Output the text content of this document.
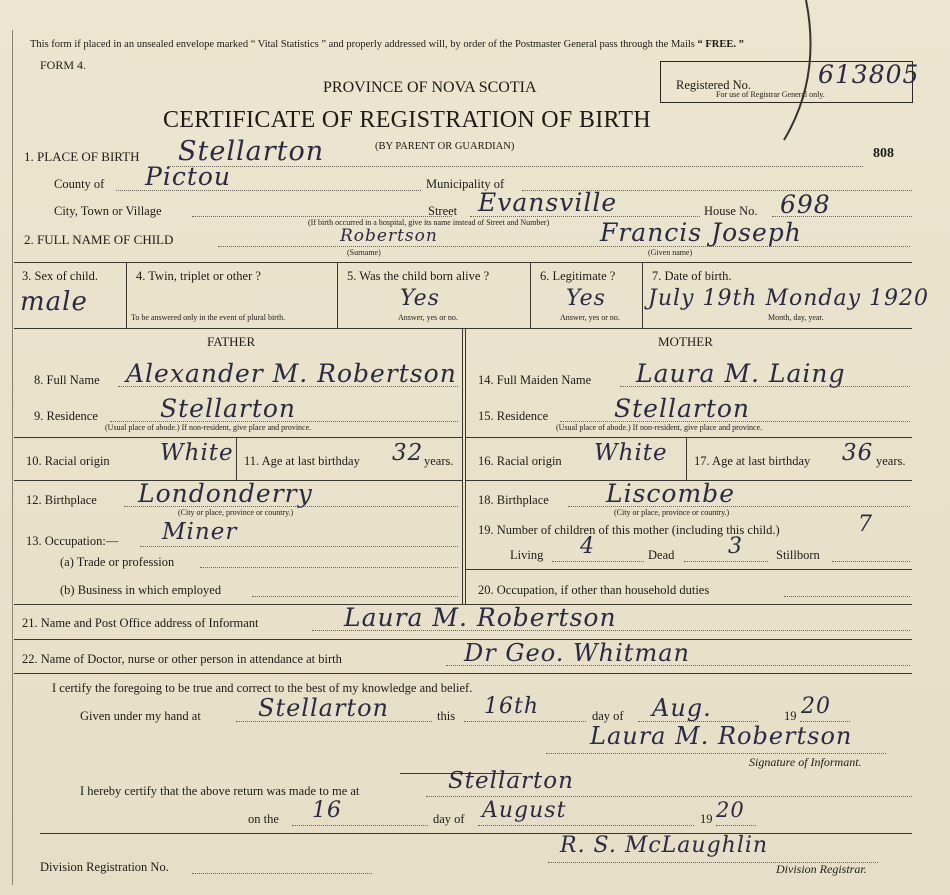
This form if placed in an unsealed envelope marked “ Vital Statistics ” and properly addressed will, by order of the Postmaster General pass through the Mails “ FREE. ”
FORM 4.
PROVINCE OF NOVA SCOTIA
CERTIFICATE OF REGISTRATION OF BIRTH
(BY PARENT OR GUARDIAN)
Registered No.
For use of Registrar General only.
613805
808
1. PLACE OF BIRTH Stellarton
County of Pictou	Municipality of
City, Town or Village	Street Evansville	House No. 698
(If birth occurred in a hospital, give its name instead of Street and Number)
2. FULL NAME OF CHILD	Robertson	Francis Joseph
(Surname)	(Given name)
3. Sex of child.
male
4. Twin, triplet or other ?
To be answered only in the event of plural birth.
5. Was the child born alive ?
Yes
Answer, yes or no.
6. Legitimate ?
Yes
Answer, yes or no.
7. Date of birth.
July 19th Monday 1920
Month, day, year.
FATHER	MOTHER
8. Full Name Alexander M. Robertson
9. Residence Stellarton
(Usual place of abode.) If non-resident, give place and province.
10. Racial origin White 11. Age at last birthday 32 years.
12. Birthplace Londonderry
(City or place, province or country.)
13. Occupation:— Miner
(a) Trade or profession
(b) Business in which employed
14. Full Maiden Name Laura M. Laing
15. Residence	Stellarton
(Usual place of abode.) If non-resident, give place and province.
16. Racial origin White 17. Age at last birthday 36 years.
18. Birthplace Liscombe
(City or place, province or country.)
19. Number of children of this mother (including this child.)	7
Living 4	Dead 3	Stillborn
20. Occupation, if other than household duties
21. Name and Post Office address of Informant	Laura M. Robertson
22. Name of Doctor, nurse or other person in attendance at birth	Dr Geo. Whitman
I certify the foregoing to be true and correct to the best of my knowledge and belief.
Given under my hand at Stellarton	this 16th	day of Aug.	19 20
Laura M. Robertson
Signature of Informant.
I hereby certify that the above return was made to me at	Stellarton
on the 16	day of August	19 20
R. S. McLaughlin
Division Registrar.
Division Registration No.
